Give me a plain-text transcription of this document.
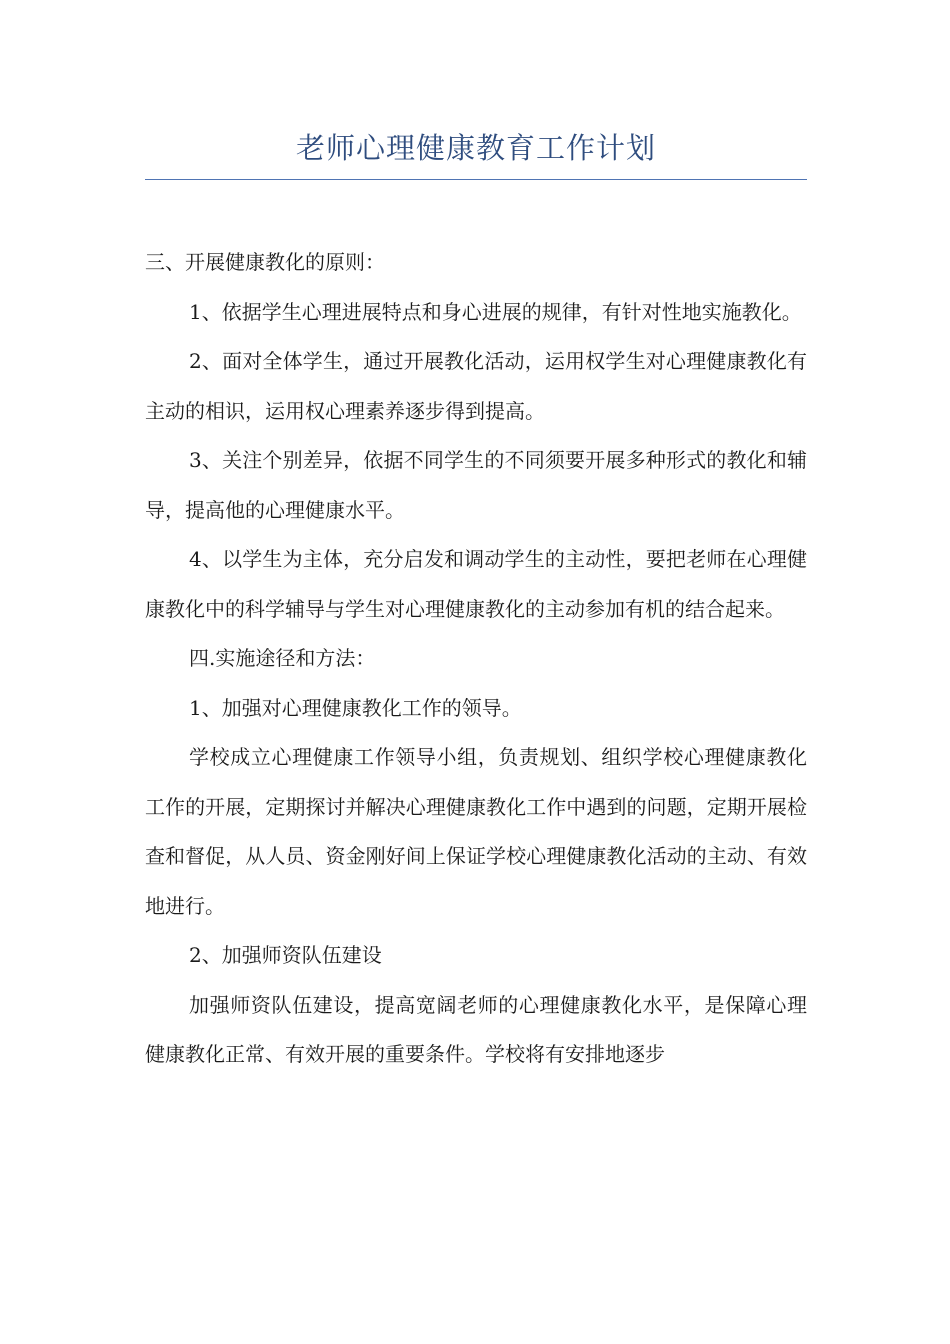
老师心理健康教育工作计划

三、开展健康教化的原则：

1、依据学生心理进展特点和身心进展的规律，有针对性地实施教化。

2、面对全体学生，通过开展教化活动，运用权学生对心理健康教化有主动的相识，运用权心理素养逐步得到提高。

3、关注个别差异，依据不同学生的不同须要开展多种形式的教化和辅导，提高他的心理健康水平。

4、以学生为主体，充分启发和调动学生的主动性，要把老师在心理健康教化中的科学辅导与学生对心理健康教化的主动参加有机的结合起来。

四.实施途径和方法：

1、加强对心理健康教化工作的领导。

学校成立心理健康工作领导小组，负责规划、组织学校心理健康教化工作的开展，定期探讨并解决心理健康教化工作中遇到的问题，定期开展检查和督促，从人员、资金刚好间上保证学校心理健康教化活动的主动、有效地进行。

2、加强师资队伍建设

加强师资队伍建设，提高宽阔老师的心理健康教化水平，是保障心理健康教化正常、有效开展的重要条件。学校将有安排地逐步
